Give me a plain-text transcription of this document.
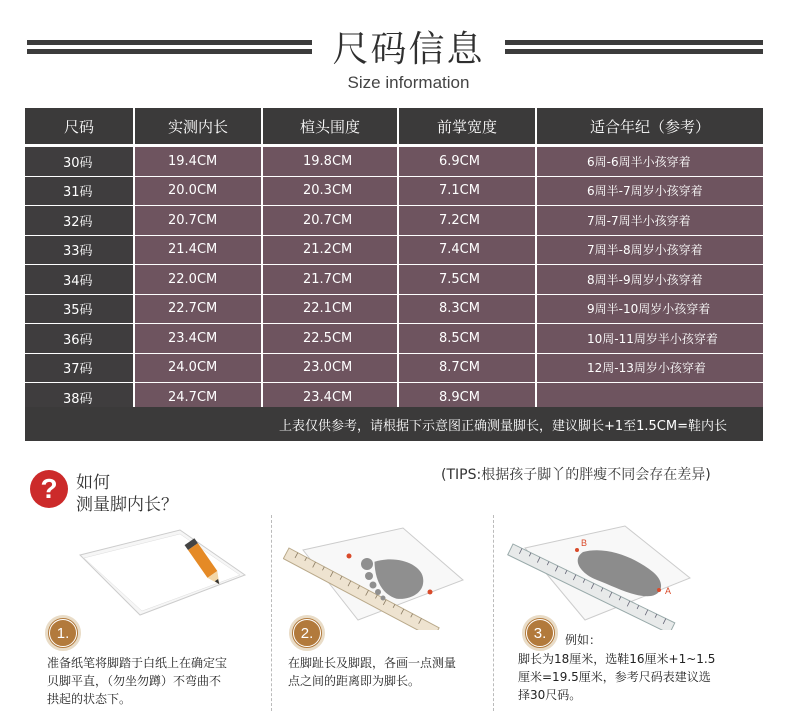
尺码信息
Size information
尺码	实测内长	楦头围度	前掌宽度	适合年纪（参考）
30码	19.4CM	19.8CM	6.9CM	6周-6周半小孩穿着
31码	20.0CM	20.3CM	7.1CM	6周半-7周岁小孩穿着
32码	20.7CM	20.7CM	7.2CM	7周-7周半小孩穿着
33码	21.4CM	21.2CM	7.4CM	7周半-8周岁小孩穿着
34码	22.0CM	21.7CM	7.5CM	8周半-9周岁小孩穿着
35码	22.7CM	22.1CM	8.3CM	9周半-10周岁小孩穿着
36码	23.4CM	22.5CM	8.5CM	10周-11周岁半小孩穿着
37码	24.0CM	23.0CM	8.7CM	12周-13周岁小孩穿着
38码	24.7CM	23.4CM	8.9CM
上表仅供参考，请根据下示意图正确测量脚长，建议脚长+1至1.5CM=鞋内长
?	如何
测量脚内长？
(TIPS:根据孩子脚丫的胖瘦不同会存在差异)
B
A
1.
准备纸笔将脚踏于白纸上在确定宝
贝脚平直，（勿坐勿蹲）不弯曲不
拱起的状态下。
2.
在脚趾长及脚跟，各画一点测量
点之间的距离即为脚长。
3.	例如：
脚长为18厘米，选鞋16厘米+1~1.5
厘米=19.5厘米，参考尺码表建议选
择30尺码。
